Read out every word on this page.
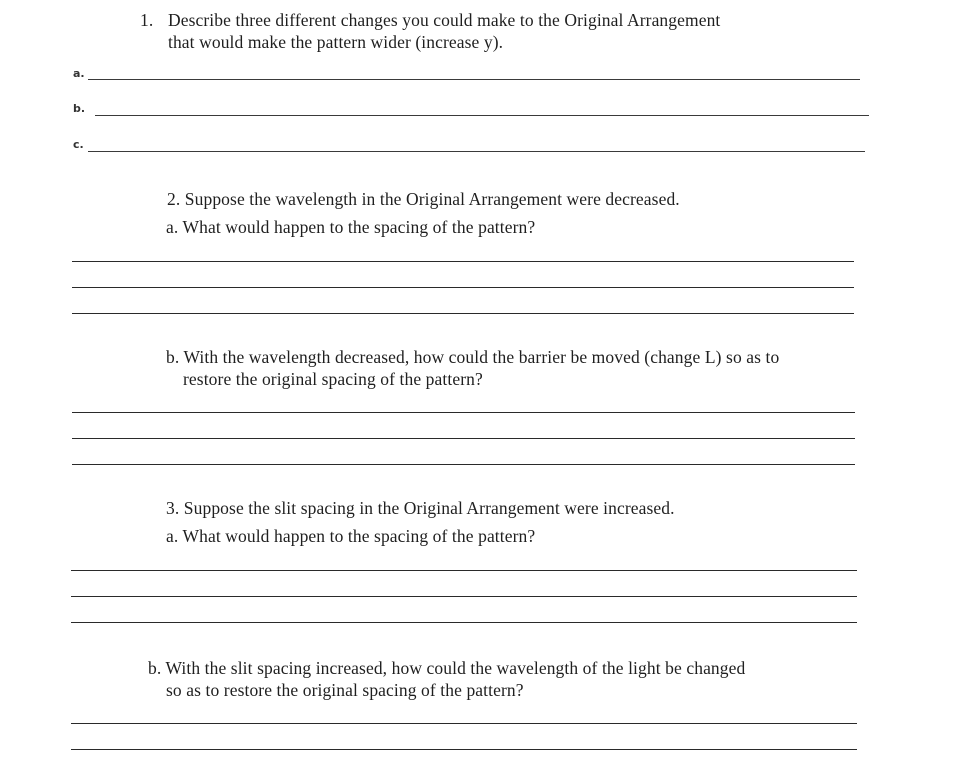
1. Describe three different changes you could make to the Original Arrangement
that would make the pattern wider (increase y).
a.
b.
c.
2. Suppose the wavelength in the Original Arrangement were decreased.
a. What would happen to the spacing of the pattern?
b. With the wavelength decreased, how could the barrier be moved (change L) so as to
restore the original spacing of the pattern?
3. Suppose the slit spacing in the Original Arrangement were increased.
a. What would happen to the spacing of the pattern?
b. With the slit spacing increased, how could the wavelength of the light be changed
so as to restore the original spacing of the pattern?
